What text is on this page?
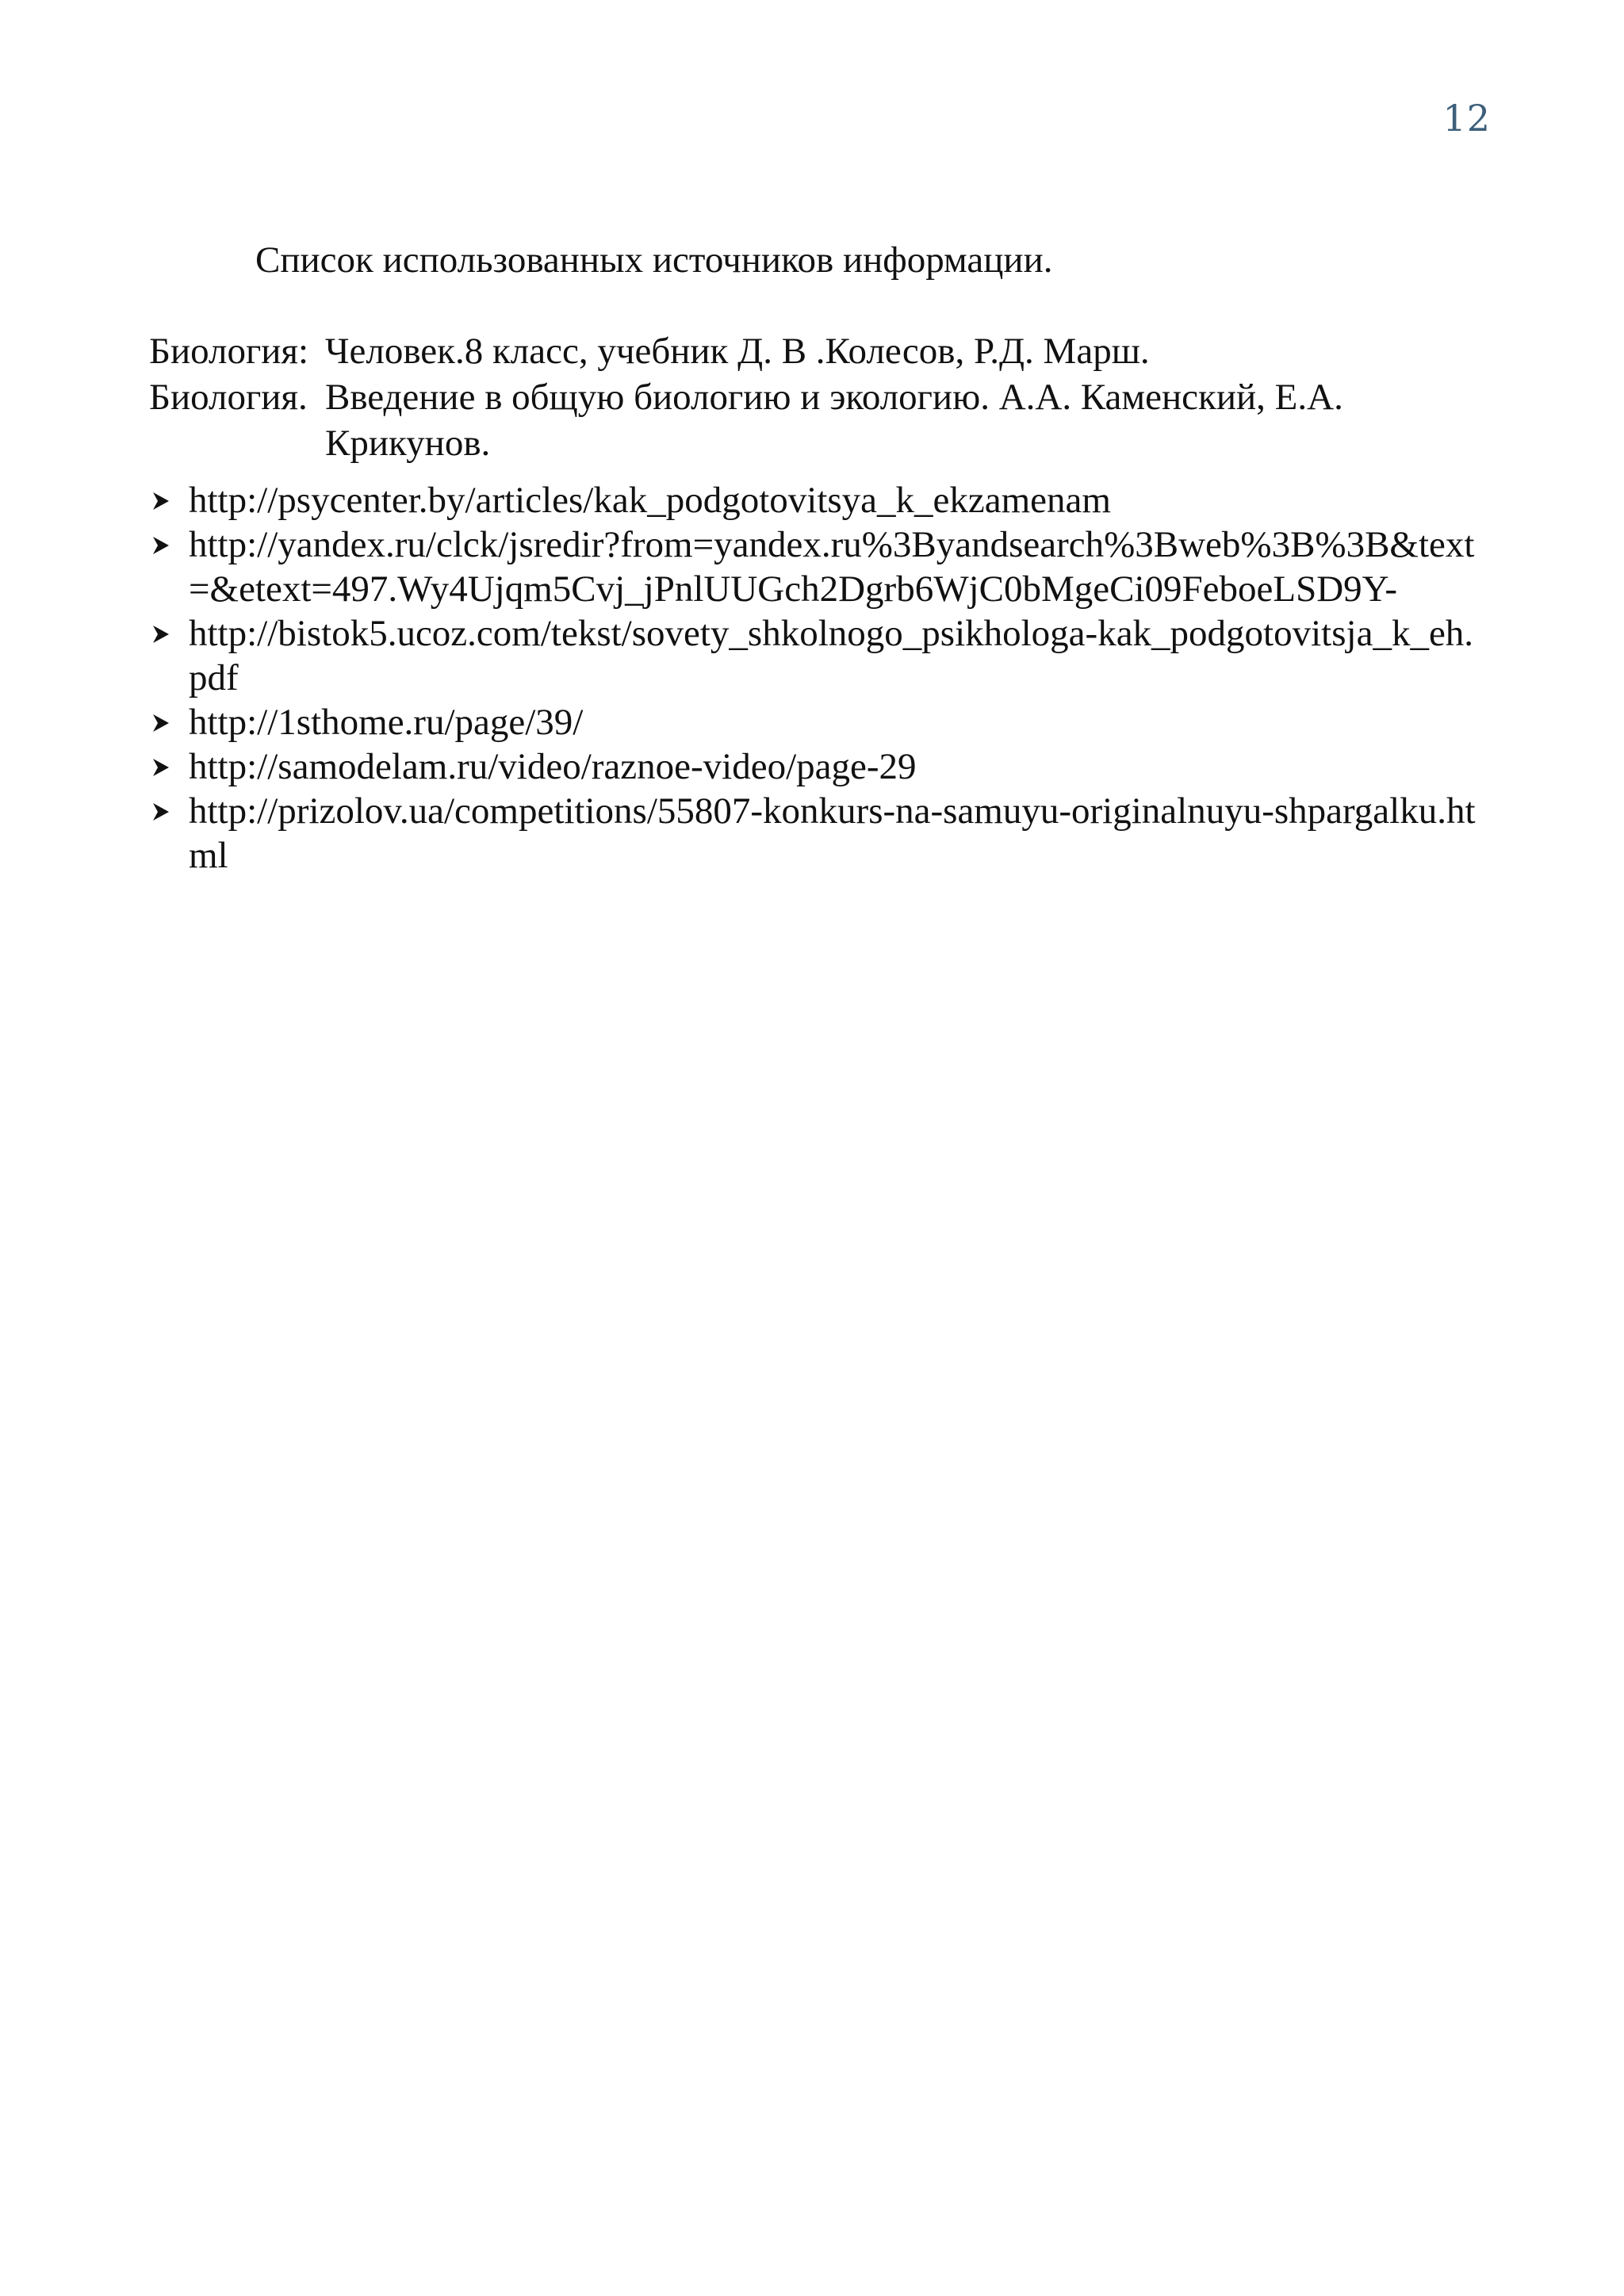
12
Список использованных источников информации.
Биология: Человек.8 класс, учебник Д. В .Колесов, Р.Д. Марш.
Биология. Введение в общую биологию и экологию. А.А. Каменский, Е.А. Крикунов.
http://psycenter.by/articles/kak_podgotovitsya_k_ekzamenam
http://yandex.ru/clck/jsredir?from=yandex.ru%3Byandsearch%3Bweb%3B%3B&text=&etext=497.Wy4Ujqm5Cvj_jPnlUUGch2Dgrb6WjC0bMgeCi09FeboeLSD9Y-
http://bistok5.ucoz.com/tekst/sovety_shkolnogo_psikhologa-kak_podgotovitsja_k_eh.pdf
http://1sthome.ru/page/39/
http://samodelam.ru/video/raznoe-video/page-29
http://prizolov.ua/competitions/55807-konkurs-na-samuyu-originalnuyu-shpargalku.html
